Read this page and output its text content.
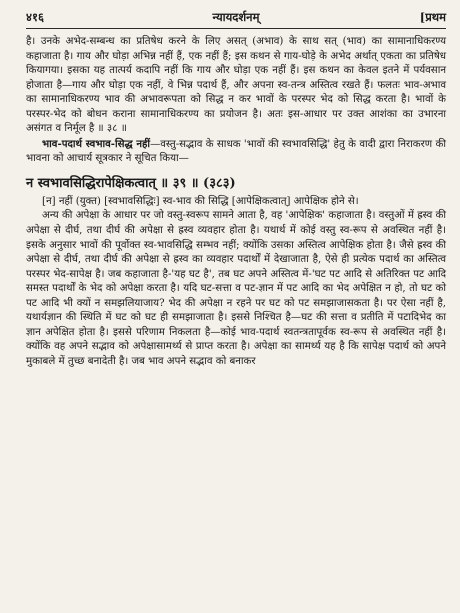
४१६	न्यायदर्शनम्	[प्रथम

है। उनके अभेद-सम्बन्ध का प्रतिषेध करने के लिए असत् (अभाव) के साथ सत् (भाव) का सामानाधिकरण्य कहाजाता है। गाय और घोड़ा अभिन्न नहीं हैं, एक नहीं हैं; इस कथन से गाय-घोड़े के अभेद अर्थात् एकता का प्रतिषेध कियागया। इसका यह तात्पर्य कदापि नहीं कि गाय और घोड़ा एक नहीं हैं। इस कथन का केवल इतने में पर्यवसान होजाता है—गाय और घोड़ा एक नहीं, वे भिन्न पदार्थ हैं, और अपना स्व-तन्त्र अस्तित्व रखते हैं। फलतः भाव-अभाव का सामानाधिकरण्य भाव की अभावरूपता को सिद्ध न कर भावों के परस्पर भेद को सिद्ध करता है। भावों के परस्पर-भेद को बोधन कराना सामानाधिकरण्य का प्रयोजन है। अतः इस-आधार पर उक्त आशंका का उभारना असंगत व निर्मूल है ॥ ३८ ॥

भाव-पदार्थ स्वभाव-सिद्ध नहीं—वस्तु-सद्भाव के साधक 'भावों की स्वभावसिद्धि' हेतु के वादी द्वारा निराकरण की भावना को आचार्य सूत्रकार ने सूचित किया—

न स्वभावसिद्धिरापेक्षिकत्वात् ॥ ३९ ॥ (३८३)

[न] नहीं (युक्त) [स्वभावसिद्धिः] स्व-भाव की सिद्धि [आपेक्षिकत्वात्] आपेक्षिक होने से।

अन्य की अपेक्षा के आधार पर जो वस्तु-स्वरूप सामने आता है, वह 'आपेक्षिक' कहाजाता है। वस्तुओं में ह्रस्व की अपेक्षा से दीर्घ, तथा दीर्घ की अपेक्षा से ह्रस्व व्यवहार होता है। यथार्थ में कोई वस्तु स्व-रूप से अवस्थित नहीं है। इसके अनुसार भावों की पूर्वोक्त स्व-भावसिद्धि सम्भव नहीं; क्योंकि उसका अस्तित्व आपेक्षिक होता है। जैसे ह्रस्व की अपेक्षा से दीर्घ, तथा दीर्घ की अपेक्षा से ह्रस्व का व्यवहार पदार्थों में देखाजाता है, ऐसे ही प्रत्येक पदार्थ का अस्तित्व परस्पर भेद-सापेक्ष है। जब कहाजाता है-'यह घट है', तब घट अपने अस्तित्व में-'घट पट आदि से अतिरिक्त पट आदि समस्त पदार्थों के भेद को अपेक्षा करता है। यदि घट-सत्ता व पट-ज्ञान में पट आदि का भेद अपेक्षित न हो, तो घट को पट आदि भी क्यों न समझलियाजाय? भेद की अपेक्षा न रहने पर घट को पट समझाजासकता है। पर ऐसा नहीं है, यथार्यज्ञान की स्थिति में घट को घट ही समझाजाता है। इससे निश्चित है—घट की सत्ता व प्रतीति में पटादिभेद का ज्ञान अपेक्षित होता है। इससे परिणाम निकलता है—कोई भाव-पदार्थ स्वतन्त्रतापूर्वक स्व-रूप से अवस्थित नहीं है। क्योंकि वह अपने सद्भाव को अपेक्षासामर्थ्य से प्राप्त करता है। अपेक्षा का सामर्थ्य यह है कि सापेक्ष पदार्थ को अपने मुकाबले में तुच्छ बनादेती है। जब भाव अपने सद्भाव को बनाकर
